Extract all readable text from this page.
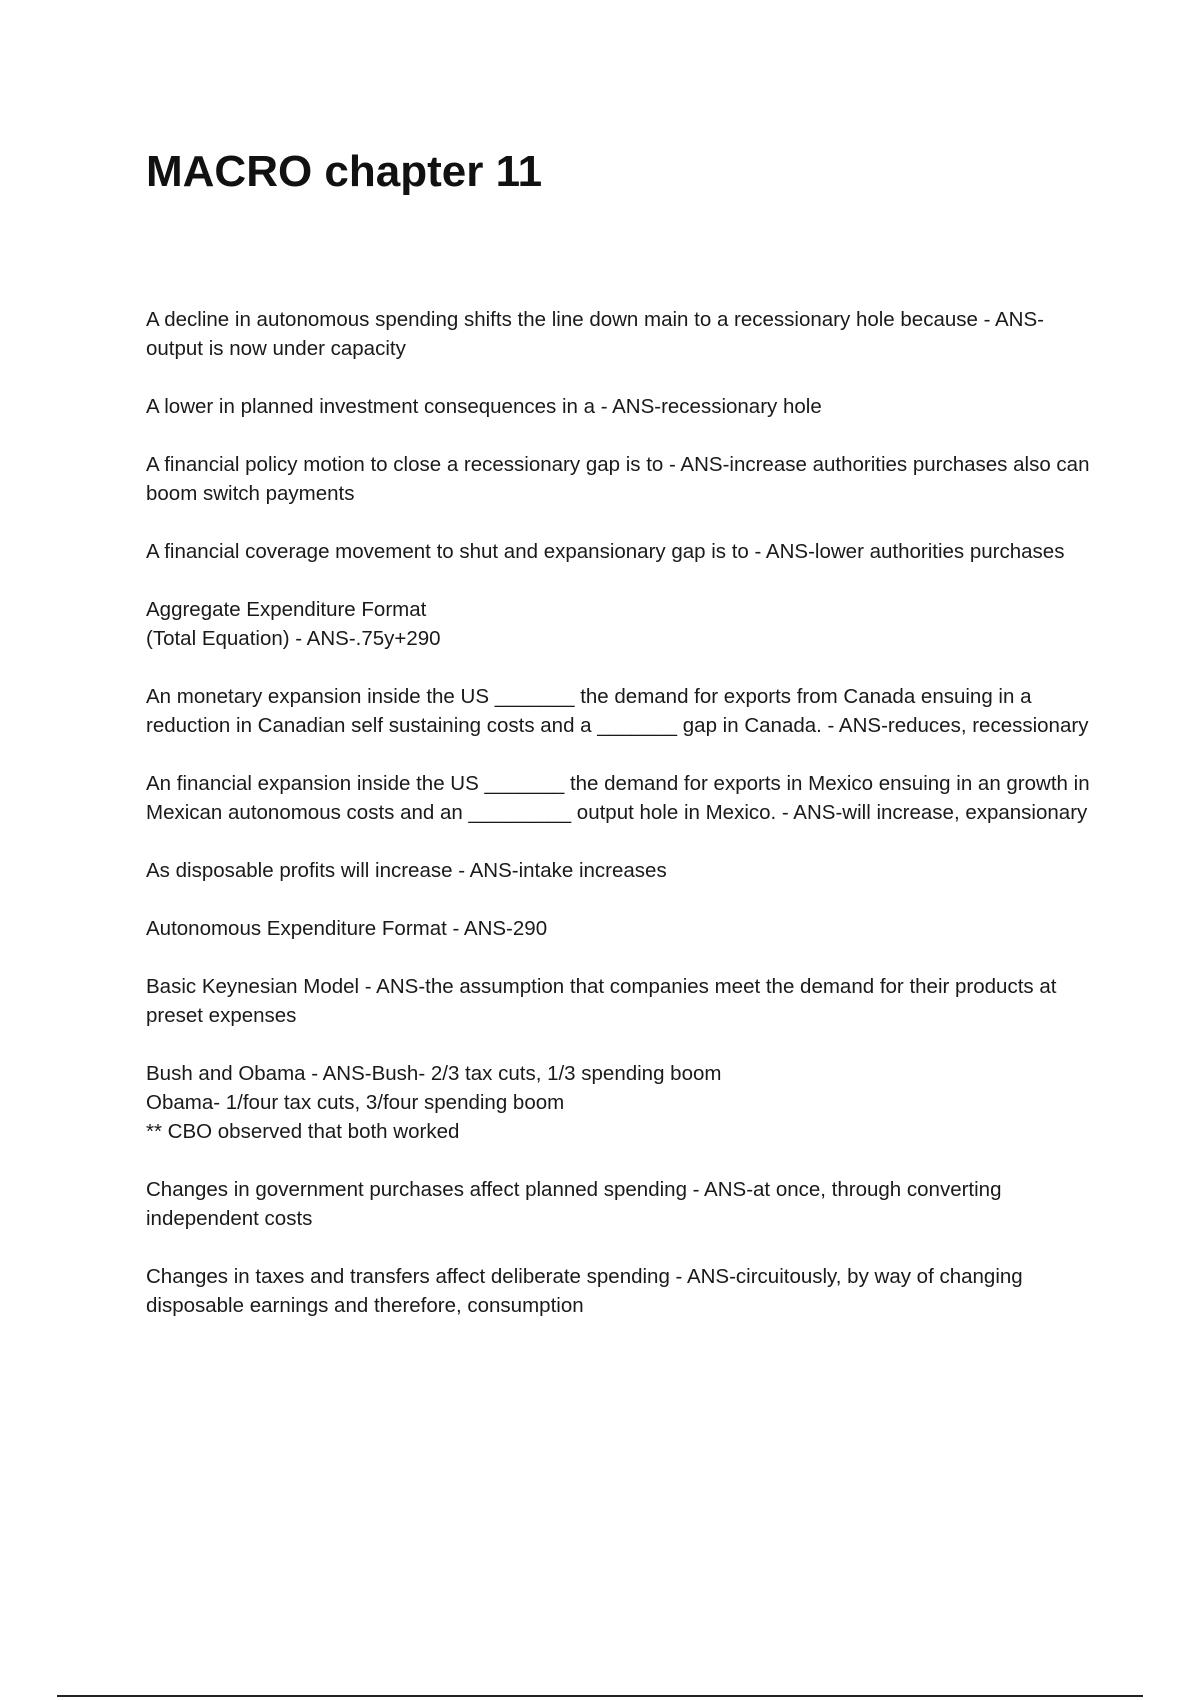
MACRO chapter 11

A decline in autonomous spending shifts the line down main to a recessionary hole because - ANS-output is now under capacity

A lower in planned investment consequences in a - ANS-recessionary hole

A financial policy motion to close a recessionary gap is to - ANS-increase authorities purchases also can boom switch payments

A financial coverage movement to shut and expansionary gap is to - ANS-lower authorities purchases

Aggregate Expenditure Format
(Total Equation) - ANS-.75y+290

An monetary expansion inside the US _______ the demand for exports from Canada ensuing in a reduction in Canadian self sustaining costs and a _______ gap in Canada. - ANS-reduces, recessionary

An financial expansion inside the US _______ the demand for exports in Mexico ensuing in an growth in Mexican autonomous costs and an _________ output hole in Mexico. - ANS-will increase, expansionary

As disposable profits will increase - ANS-intake increases

Autonomous Expenditure Format - ANS-290

Basic Keynesian Model - ANS-the assumption that companies meet the demand for their products at preset expenses

Bush and Obama - ANS-Bush- 2/3 tax cuts, 1/3 spending boom
Obama- 1/four tax cuts, 3/four spending boom
** CBO observed that both worked

Changes in government purchases affect planned spending - ANS-at once, through converting independent costs

Changes in taxes and transfers affect deliberate spending - ANS-circuitously, by way of changing disposable earnings and therefore, consumption
